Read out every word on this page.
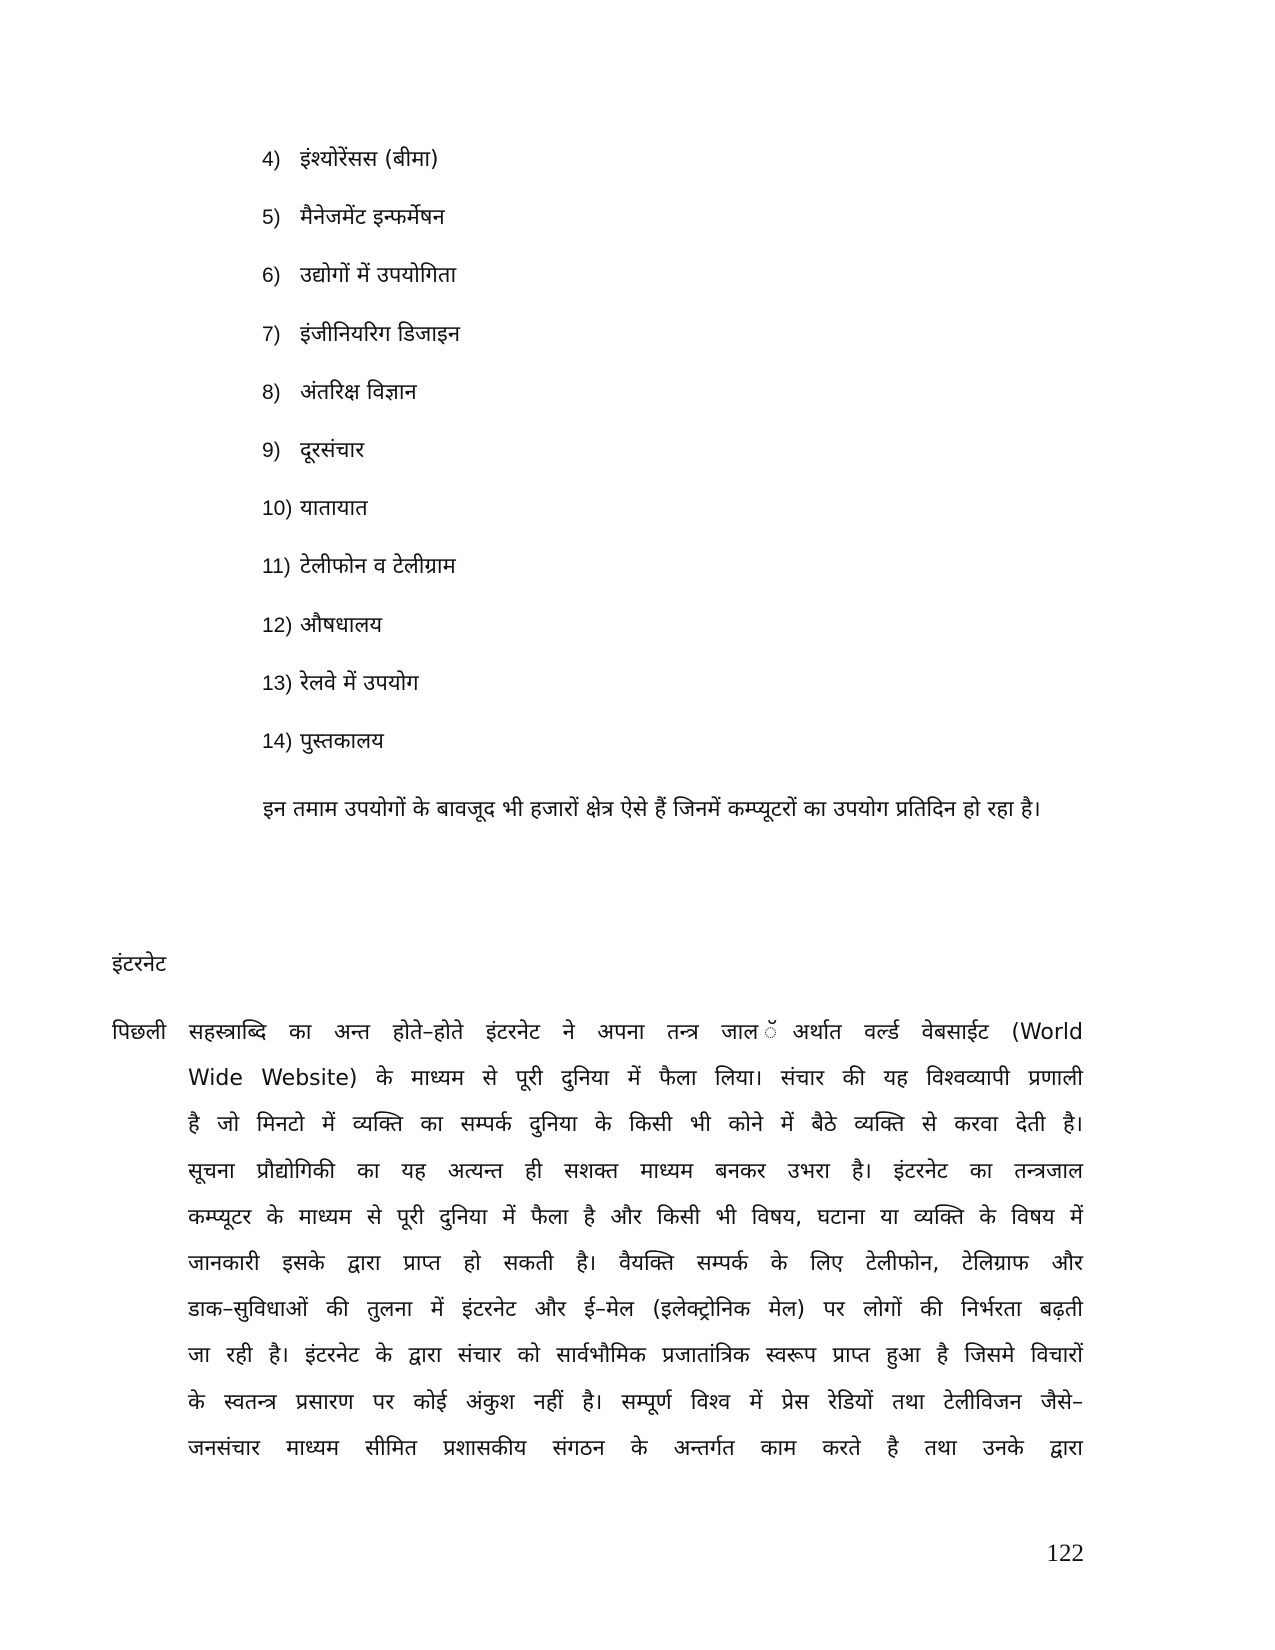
4) इंश्योरेंसस (बीमा)
5) मैनेजमेंट इन्फर्मेषन
6) उद्योगों में उपयोगिता
7) इंजीनियरिग डिजाइन
8) अंतरिक्ष विज्ञान
9) दूरसंचार
10) यातायात
11) टेलीफोन व टेलीग्राम
12) औषधालय
13) रेलवे में उपयोग
14) पुस्तकालय

इन तमाम उपयोगों के बावजूद भी हजारों क्षेत्र ऐसे हैं जिनमें कम्प्यूटरों का उपयोग प्रतिदिन हो रहा है।

इंटरनेट
पिछली सहस्त्राब्दि का अन्त होते–होते इंटरनेट ने अपना तन्त्र जाल ॅअर्थात वर्ल्ड वेबसाईट (World
Wide Website) के माध्यम से पूरी दुनिया में फैला लिया। संचार की यह विश्वव्यापी प्रणाली
है जो मिनटो में व्यक्ति का सम्पर्क दुनिया के किसी भी कोने में बैठे व्यक्ति से करवा देती है।
सूचना प्रौद्योगिकी का यह अत्यन्त ही सशक्त माध्यम बनकर उभरा है। इंटरनेट का तन्त्रजाल
कम्प्यूटर के माध्यम से पूरी दुनिया में फैला है और किसी भी विषय, घटाना या व्यक्ति के विषय में
जानकारी इसके द्वारा प्राप्त हो सकती है। वैयक्ति सम्पर्क के लिए टेलीफोन, टेलिग्राफ और
डाक–सुविधाओं की तुलना में इंटरनेट और ई–मेल (इलेक्ट्रोनिक मेल) पर लोगों की निर्भरता बढ़ती
जा रही है। इंटरनेट के द्वारा संचार को सार्वभौमिक प्रजातांत्रिक स्वरूप प्राप्त हुआ है जिसमे विचारों
के स्वतन्त्र प्रसारण पर कोई अंकुश नहीं है। सम्पूर्ण विश्व में प्रेस रेडियों तथा टेलीविजन जैसे–
जनसंचार माध्यम सीमित प्रशासकीय संगठन के अन्तर्गत काम करते है तथा उनके द्वारा

122
